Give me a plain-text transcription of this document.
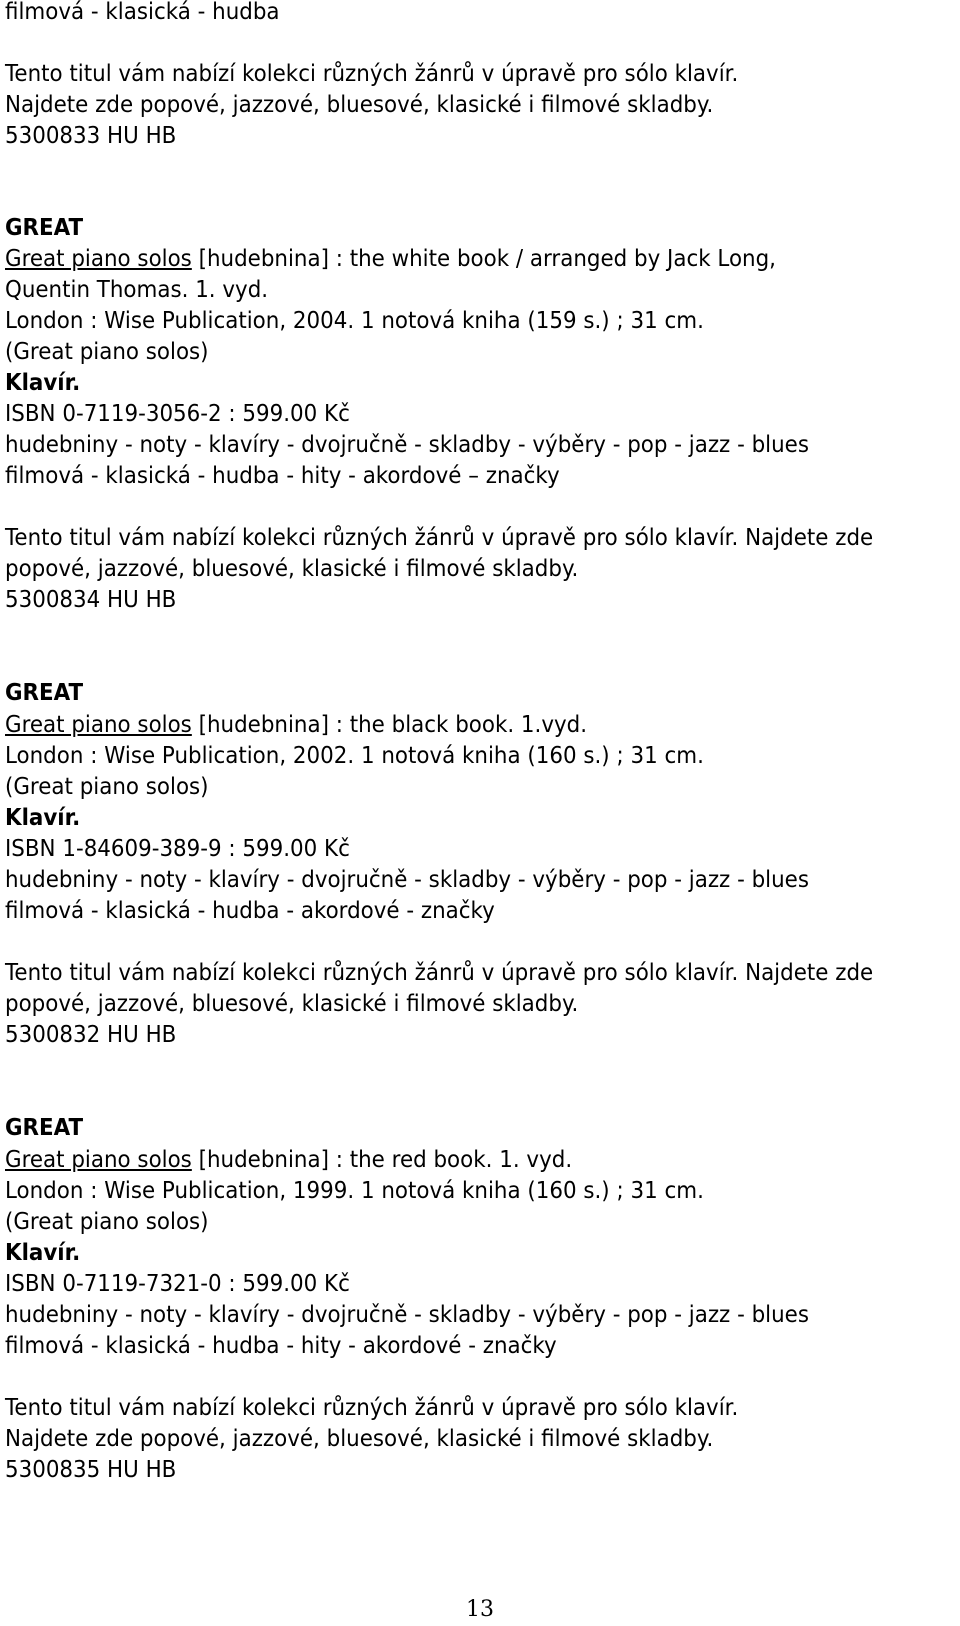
filmová - klasická - hudba

Tento titul vám nabízí kolekci různých žánrů v úpravě pro sólo klavír.

Najdete zde popové, jazzové, bluesové, klasické i filmové skladby.

5300833 HU HB

GREAT

Great piano solos [hudebnina] : the white book / arranged by Jack Long,

Quentin Thomas. 1. vyd.

London : Wise Publication, 2004. 1 notová kniha (159 s.) ; 31 cm.

(Great piano solos)

Klavír.

ISBN 0-7119-3056-2 : 599.00 Kč

hudebniny - noty - klavíry - dvojručně - skladby - výběry - pop - jazz - blues

filmová - klasická - hudba - hity - akordové – značky

Tento titul vám nabízí kolekci různých žánrů v úpravě pro sólo klavír. Najdete zde

popové, jazzové, bluesové, klasické i filmové skladby.

5300834 HU HB

GREAT

Great piano solos [hudebnina] : the black book. 1.vyd.

London : Wise Publication, 2002. 1 notová kniha (160 s.) ; 31 cm.

(Great piano solos)

Klavír.

ISBN 1-84609-389-9 : 599.00 Kč

hudebniny - noty - klavíry - dvojručně - skladby - výběry - pop - jazz - blues

filmová - klasická - hudba - akordové - značky

Tento titul vám nabízí kolekci různých žánrů v úpravě pro sólo klavír. Najdete zde

popové, jazzové, bluesové, klasické i filmové skladby.

5300832 HU HB

GREAT

Great piano solos [hudebnina] : the red book. 1. vyd.

London : Wise Publication, 1999. 1 notová kniha (160 s.) ; 31 cm.

(Great piano solos)

Klavír.

ISBN 0-7119-7321-0 : 599.00 Kč

hudebniny - noty - klavíry - dvojručně - skladby - výběry - pop - jazz - blues

filmová - klasická - hudba - hity - akordové - značky

Tento titul vám nabízí kolekci různých žánrů v úpravě pro sólo klavír.

Najdete zde popové, jazzové, bluesové, klasické i filmové skladby.

5300835 HU HB

13
